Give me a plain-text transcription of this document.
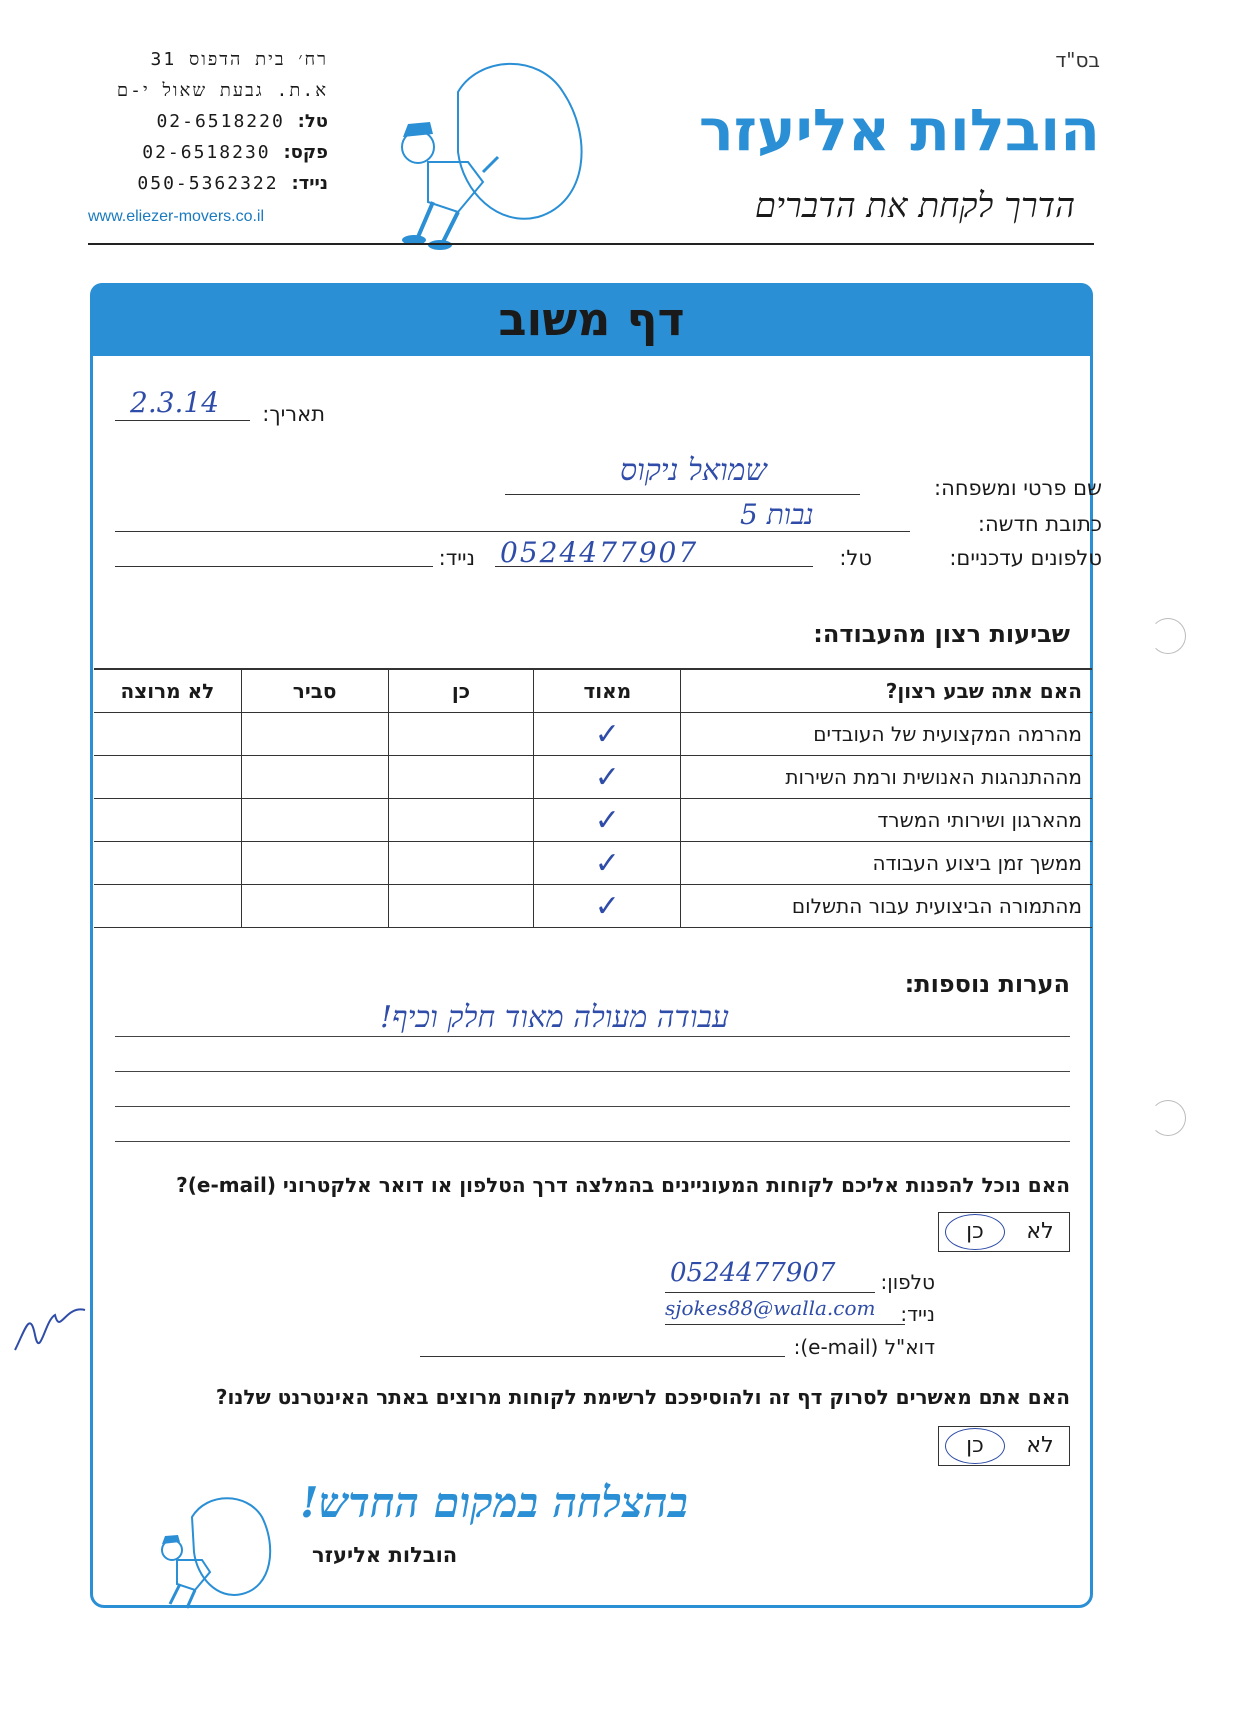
בס"ד
רח׳ בית הדפוס 31
א.ת. גבעת שאול י-ם
טל: 02-6518220
פקס: 02-6518230
נייד: 050-5362322
www.eliezer-movers.co.il
הובלות אליעזר
הדרך לקחת את הדברים
דף משוב
תאריך:
2.3.14
שם פרטי ומשפחה:
שמואל ניקוס
כתובת חדשה:
נבות 5
טלפונים עדכניים:
טל:
0524477907
נייד:
שביעות רצון מהעבודה:
האם אתה שבע רצון?	מאוד	כן	סביר	לא מרוצה
מהרמה המקצועית של העובדים	✓			
מההתנהגות האנושית ורמת השירות	✓			
מהארגון ושירותי המשרד	✓			
ממשך זמן ביצוע העבודה	✓			
מהתמורה הביצועית עבור התשלום	✓			
הערות נוספות:
עבודה מעולה מאוד חלק וכיף!
האם נוכל להפנות אליכם לקוחות המעוניינים בהמלצה דרך הטלפון או דואר אלקטרוני (e-mail)?
לא
כן
טלפון:
0524477907
נייד:
sjokes88@walla.com
דוא"ל (e-mail):
האם אתם מאשרים לסרוק דף זה ולהוסיפכם לרשימת לקוחות מרוצים באתר האינטרנט שלנו?
לא
כן
בהצלחה במקום החדש!
הובלות אליעזר
